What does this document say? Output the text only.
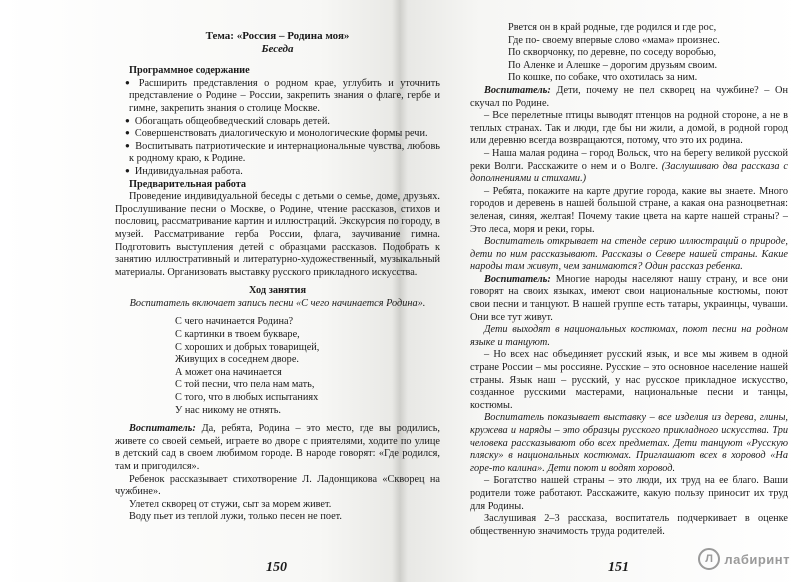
Тема: «Россия – Родина моя»

Беседа

Программное содержание

● Расширить представления о родном крае, углубить и уточнить представление о Родине – России, закрепить знания о флаге, гербе и гимне, закрепить знания о столице Москве.

● Обогащать общеобведческий словарь детей.

● Совершенствовать диалогическую и монологические формы речи.

● Воспитывать патриотические и интернациональные чувства, любовь к родному краю, к Родине.

● Индивидуальная работа.

Предварительная работа

Проведение индивидуальной беседы с детьми о семье, доме, друзьях. Прослушивание песни о Москве, о Родине, чтение рассказов, стихов и пословиц, рассматривание картин и иллюстраций. Экскурсия по городу, в музей. Рассматривание герба России, флага, заучивание гимна. Подготовить выступления детей с образцами рассказов. Подобрать к занятию иллюстративный и литературно-художественный, музыкальный материалы. Организовать выставку русского прикладного искусства.

Ход занятия

Воспитатель включает запись песни «С чего начинается Родина».

С чего начинается Родина?

С картинки в твоем букваре,

С хороших и добрых товарищей,

Живущих в соседнем дворе.

А может она начинается

С той песни, что пела нам мать,

С того, что в любых испытаниях

У нас никому не отнять.

Воспитатель: Да, ребята, Родина – это место, где вы родились, живете со своей семьей, играете во дворе с приятелями, ходите по улице в детский сад в своем любимом городе. В народе говорят: «Где родился, там и пригодился».

Ребенок рассказывает стихотворение Л. Ладонщикова «Скворец на чужбине».

Улетел скворец от стужи, сыт за морем живет.

Воду пьет из теплой лужи, только песен не поет.

150

Рвется он в край родные, где родился и где рос,

Где по- своему впервые слово «мама» произнес.

По скворчонку, по деревне, по соседу воробью,

По Аленке и Алешке – дорогим друзьям своим.

По кошке, по собаке, что охотилась за ним.

Воспитатель: Дети, почему не пел скворец на чужбине? – Он скучал по Родине.

– Все перелетные птицы выводят птенцов на родной стороне, а не в теплых странах. Так и люди, где бы ни жили, а домой, в родной город или деревню всегда возвращаются, потому, что это их родина.

– Наша малая родина – город Вольск, что на берегу великой русской реки Волги. Расскажите о нем и о Волге. (Заслушиваю два рассказа с дополнениями и стихами.)

– Ребята, покажите на карте другие города, какие вы знаете. Много городов и деревень в нашей большой стране, а какая она разноцветная: зеленая, синяя, желтая! Почему такие цвета на карте нашей страны? – Это леса, моря и реки, горы.

Воспитатель открывает на стенде серию иллюстраций о природе, дети по ним рассказывают. Рассказы о Севере нашей страны. Какие народы там живут, чем занимаются? Один рассказ ребенка.

Воспитатель: Многие народы населяют нашу страну, и все они говорят на своих языках, имеют свои национальные костюмы, поют свои песни и танцуют. В нашей группе есть татары, украинцы, чуваши. Они все тут живут.

Дети выходят в национальных костюмах, поют песни на родном языке и танцуют.

– Но всех нас объединяет русский язык, и все мы живем в одной стране России – мы россияне. Русские – это основное население нашей страны. Язык наш – русский, у нас русское прикладное искусство, созданное русскими мастерами, национальные песни и танцы, костюмы.

Воспитатель показывает выставку – все изделия из дерева, глины, кружева и наряды – это образцы русского прикладного искусства. Три человека рассказывают обо всех предметах. Дети танцуют «Русскую пляску» в национальных костюмах. Приглашают всех в хоровод «На горе-то калина». Дети поют и водят хоровод.

– Богатство нашей страны – это люди, их труд на ее благо. Ваши родители тоже работают. Расскажите, какую пользу приносит их труд для Родины.

Заслушивая 2–3 рассказа, воспитатель подчеркивает в оценке общественную значимость труда родителей.

151
Л лабиринт
